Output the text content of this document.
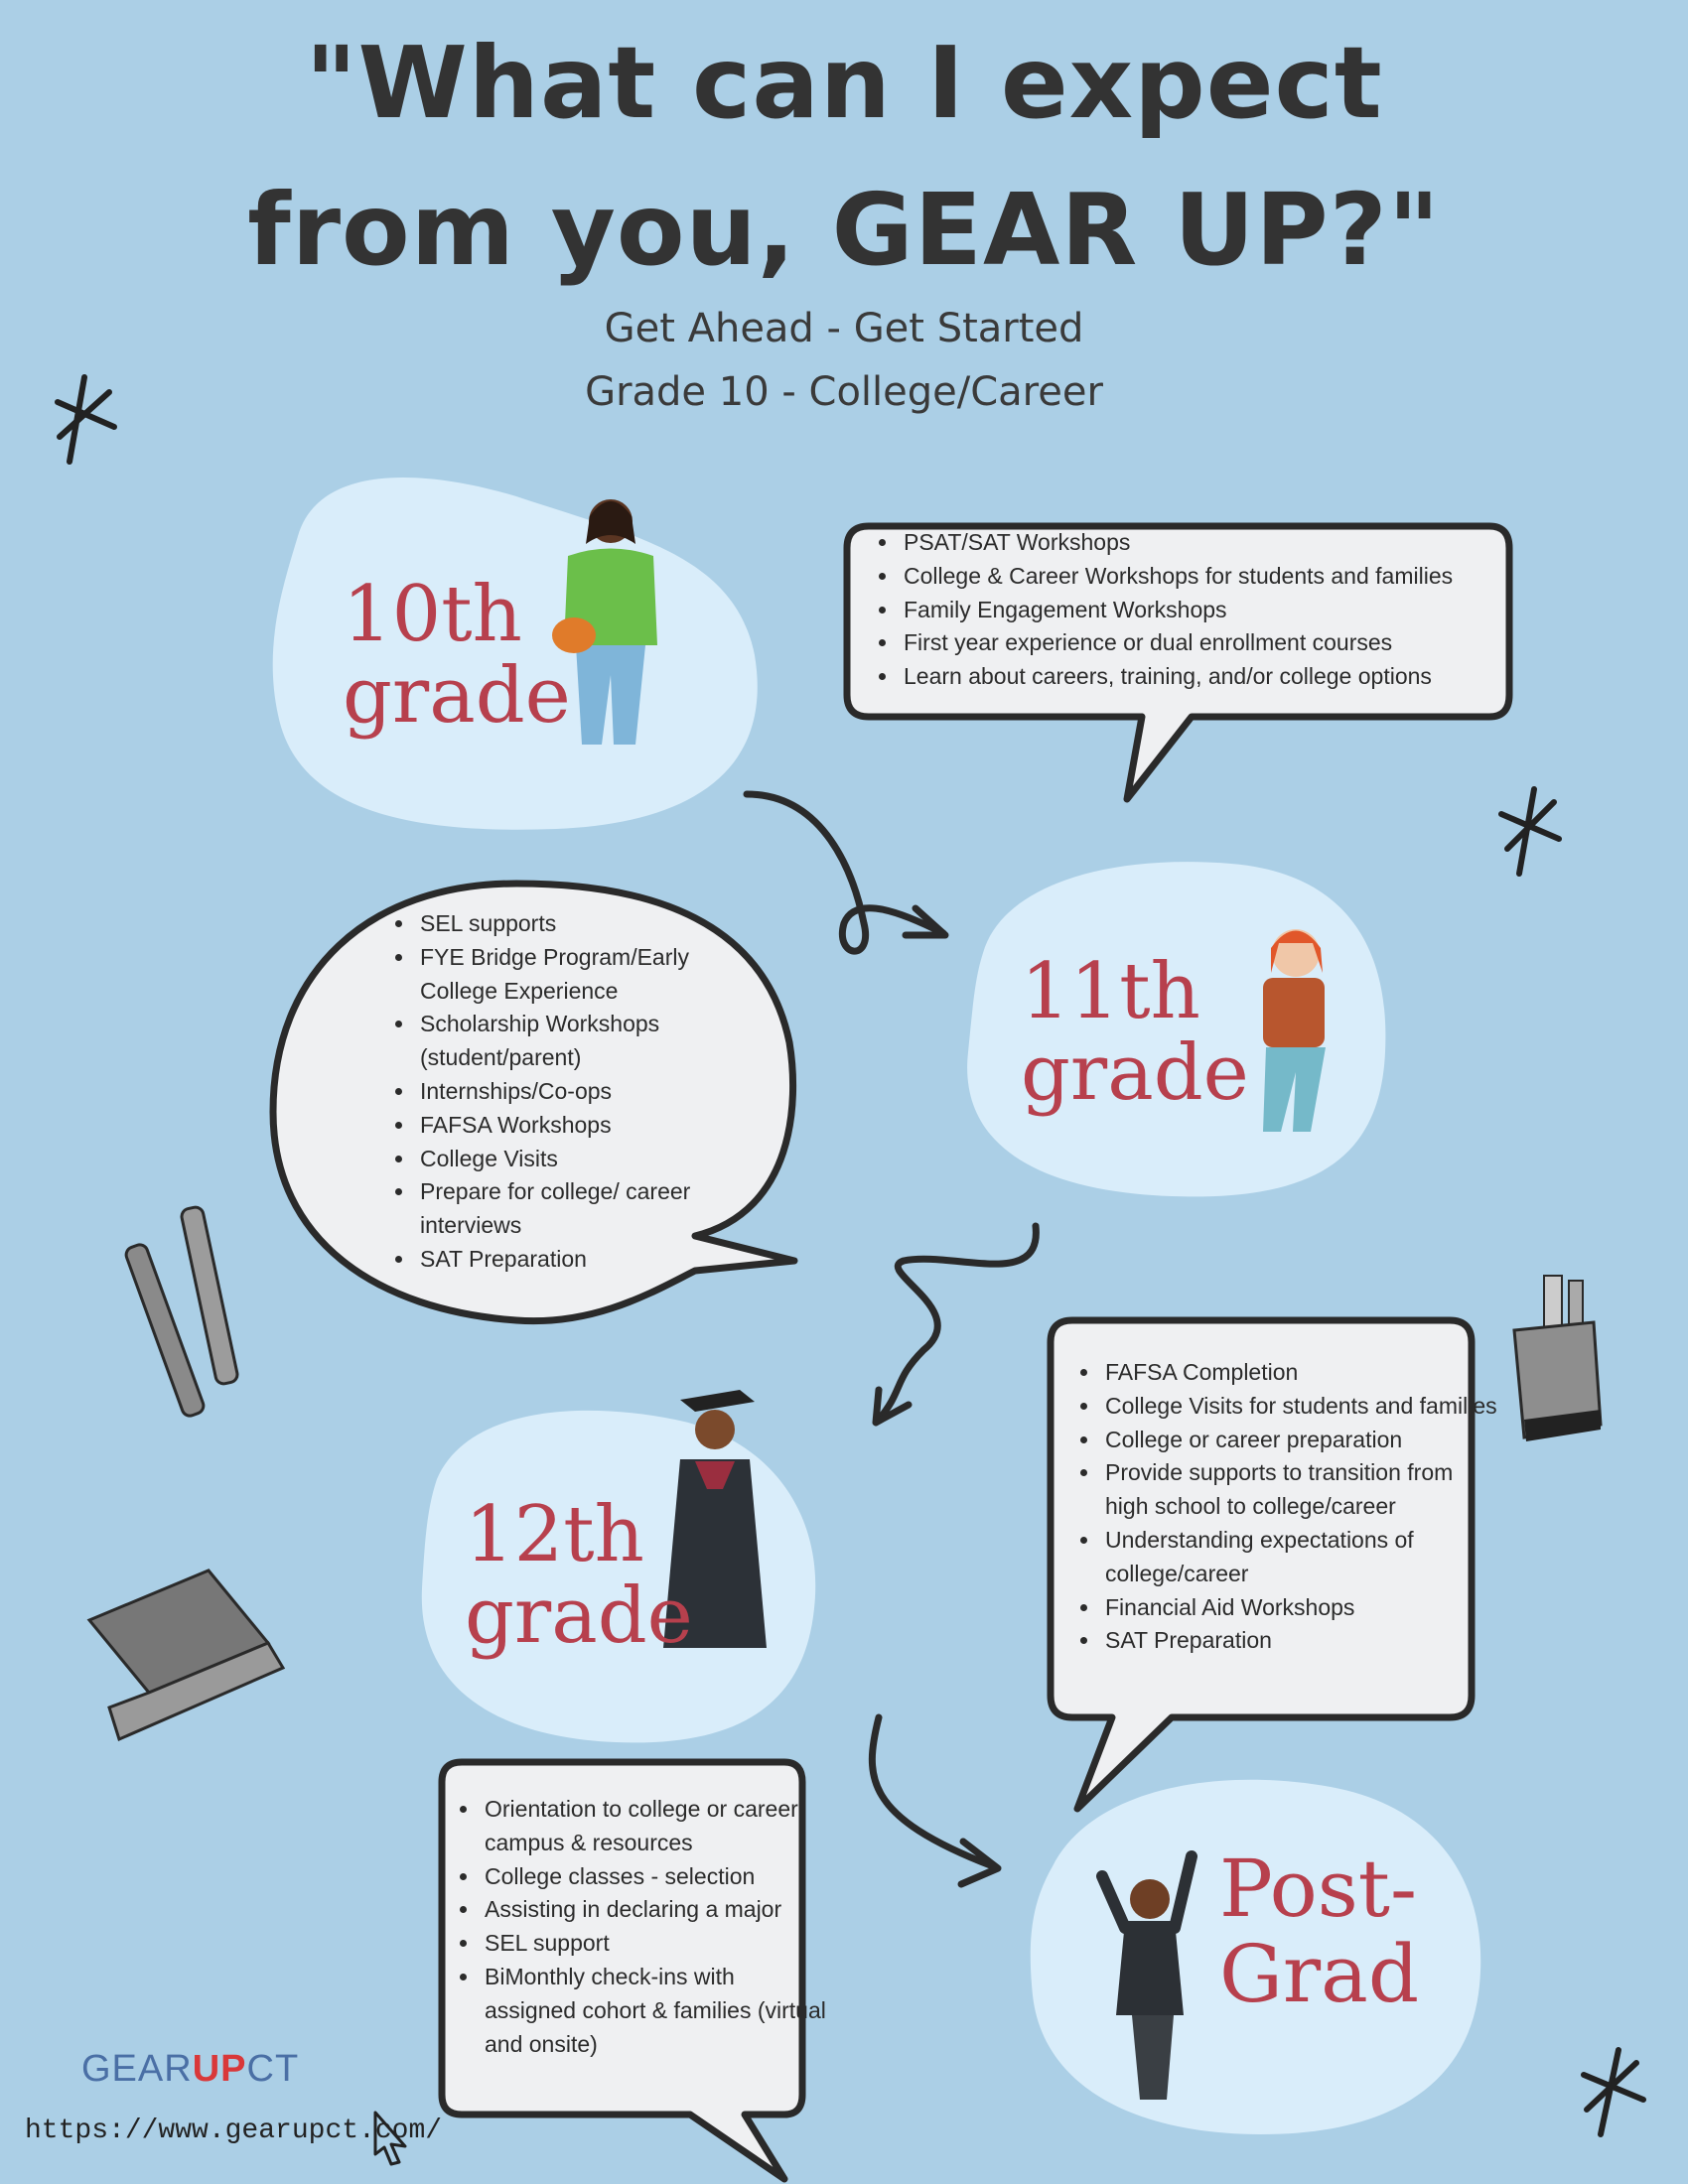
"What can I expect
from you, GEAR UP?"
Get Ahead - Get Started
Grade 10 - College/Career
10th
grade
11th
grade
12th
grade
Post-
Grad
• PSAT/SAT Workshops
• College & Career Workshops for students and families
• Family Engagement Workshops
• First year experience or dual enrollment courses
• Learn about careers, training, and/or college options
• SEL supports
• FYE Bridge Program/Early College Experience
• Scholarship Workshops (student/parent)
• Internships/Co-ops
• FAFSA Workshops
• College Visits
• Prepare for college/ career interviews
• SAT Preparation
• FAFSA Completion
• College Visits for students and families
• College or career preparation
• Provide supports to transition from high school to college/career
• Understanding expectations of college/career
• Financial Aid Workshops
• SAT Preparation
• Orientation to college or career campus & resources
• College classes - selection
• Assisting in declaring a major
• SEL support
• BiMonthly check-ins with assigned cohort & families (virtual and onsite)
GEARUPCT
https://www.gearupct.com/
